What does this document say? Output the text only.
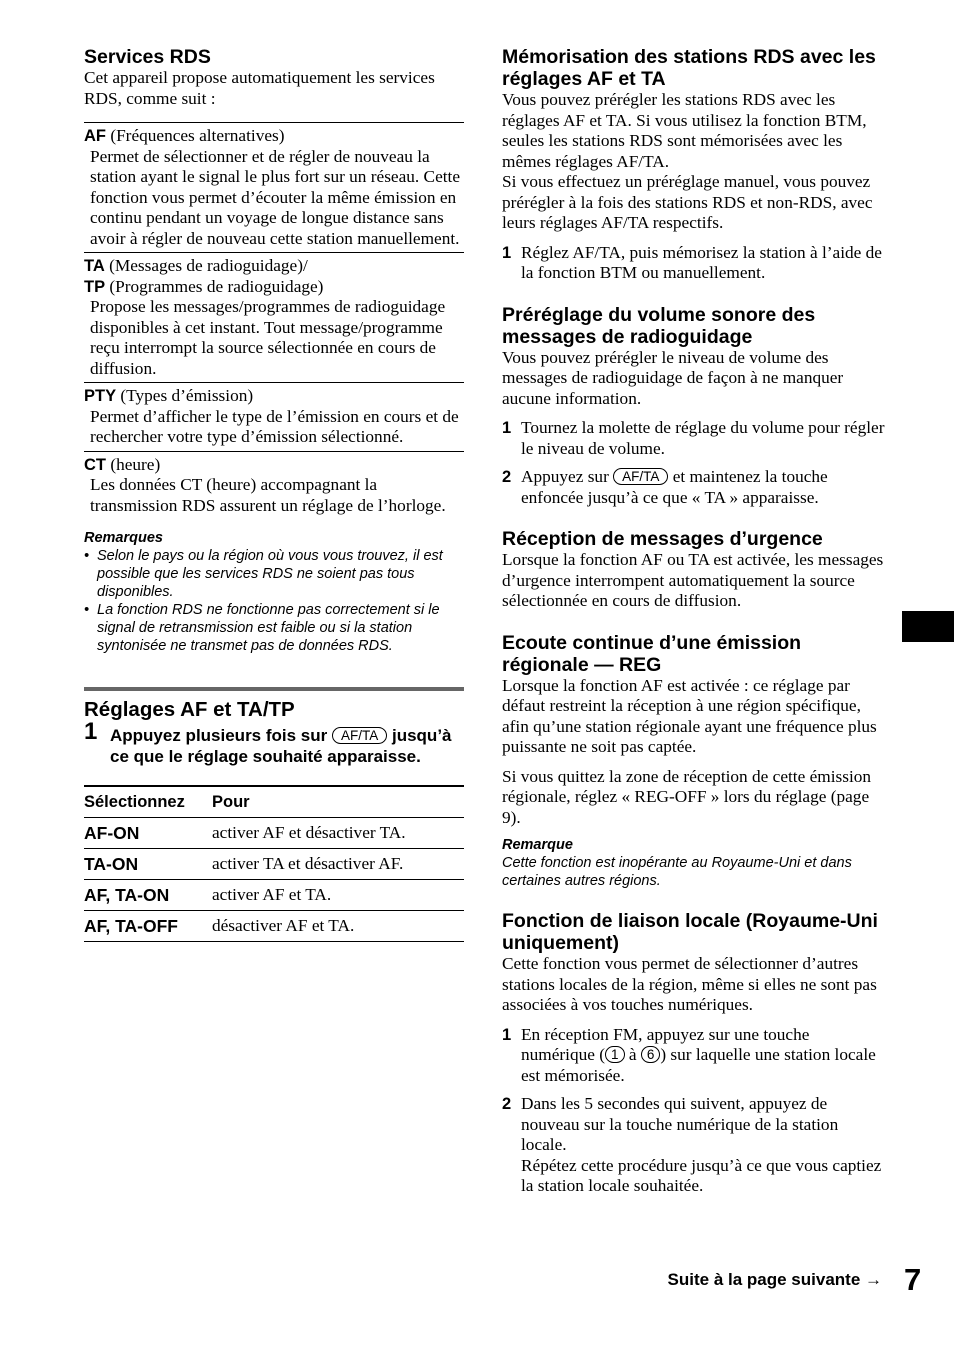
Services RDS

Cet appareil propose automatiquement les services RDS, comme suit :

AF (Fréquences alternatives)

Permet de sélectionner et de régler de nouveau la station ayant le signal le plus fort sur un réseau. Cette fonction vous permet d’écouter la même émission en continu pendant un voyage de longue distance sans avoir à régler de nouveau cette station manuellement.

TA (Messages de radioguidage)/
TP (Programmes de radioguidage)

Propose les messages/programmes de radioguidage disponibles à cet instant. Tout message/programme reçu interrompt la source sélectionnée en cours de diffusion.

PTY (Types d’émission)

Permet d’afficher le type de l’émission en cours et de rechercher votre type d’émission sélectionné.

CT (heure)

Les données CT (heure) accompagnant la transmission RDS assurent un réglage de l’horloge.

Remarques
• Selon le pays ou la région où vous vous trouvez, il est possible que les services RDS ne soient pas tous disponibles.
• La fonction RDS ne fonctionne pas correctement si le signal de retransmission est faible ou si la station syntonisée ne transmet pas de données RDS.
Réglages AF et TA/TP
1 Appuyez plusieurs fois sur AF/TA jusqu’à ce que le réglage souhaité apparaisse.
Sélectionnez	Pour
AF-ON	activer AF et désactiver TA.
TA-ON	activer TA et désactiver AF.
AF, TA-ON	activer AF et TA.
AF, TA-OFF	désactiver AF et TA.
Mémorisation des stations RDS avec les réglages AF et TA

Vous pouvez prérégler les stations RDS avec les réglages AF et TA. Si vous utilisez la fonction BTM, seules les stations RDS sont mémorisées avec les mêmes réglages AF/TA.

Si vous effectuez un préréglage manuel, vous pouvez prérégler à la fois des stations RDS et non-RDS, avec leurs réglages AF/TA respectifs.

1 Réglez AF/TA, puis mémorisez la station à l’aide de la fonction BTM ou manuellement.
Préréglage du volume sonore des messages de radioguidage

Vous pouvez prérégler le niveau de volume des messages de radioguidage de façon à ne manquer aucune information.

1 Tournez la molette de réglage du volume pour régler le niveau de volume.
2 Appuyez sur AF/TA et maintenez la touche enfoncée jusqu’à ce que « TA » apparaisse.
Réception de messages d’urgence

Lorsque la fonction AF ou TA est activée, les messages d’urgence interrompent automatiquement la source sélectionnée en cours de diffusion.

Ecoute continue d’une émission régionale — REG

Lorsque la fonction AF est activée : ce réglage par défaut restreint la réception à une région spécifique, afin qu’une station régionale ayant une fréquence plus puissante ne soit pas captée.

Si vous quittez la zone de réception de cette émission régionale, réglez « REG-OFF » lors du réglage (page 9).

Remarque
Cette fonction est inopérante au Royaume-Uni et dans certaines autres régions.
Fonction de liaison locale (Royaume-Uni uniquement)

Cette fonction vous permet de sélectionner d’autres stations locales de la région, même si elles ne sont pas associées à vos touches numériques.

1 En réception FM, appuyez sur une touche numérique ( 1 à 6 ) sur laquelle une station locale est mémorisée.
2 Dans les 5 secondes qui suivent, appuyez de nouveau sur la touche numérique de la station locale.
Répétez cette procédure jusqu’à ce que vous captiez la station locale souhaitée.
Suite à la page suivante → 7
